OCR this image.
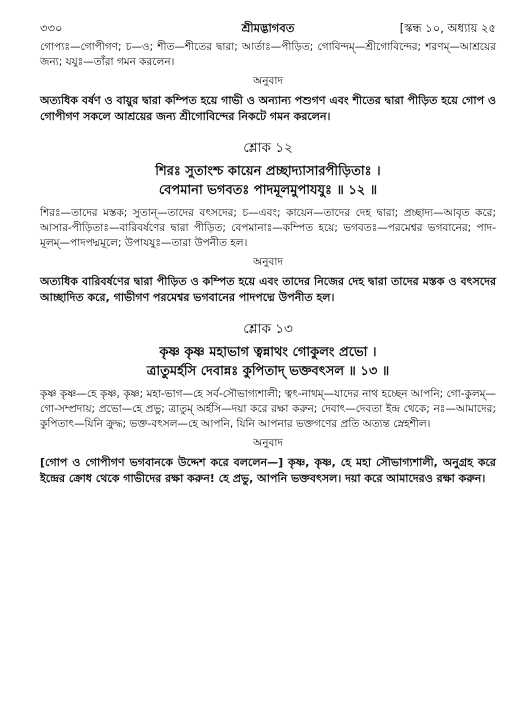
৩৩০	শ্রীমদ্ভাগবত	[স্কন্ধ ১০, অধ্যায় ২৫

গোপ্যঃ—গোপীগণ; চ—ও; শীত—শীতের দ্বারা; আর্তাঃ—পীড়িত; গোবিন্দম্—শ্রীগোবিন্দের; শরণম্—আশ্রয়ের জন্য; যযুঃ—তাঁরা গমন করলেন।

অনুবাদ

অত্যধিক বর্ষণ ও বায়ুর দ্বারা কম্পিত হয়ে গাভী ও অন্যান্য পশুগণ এবং শীতের দ্বারা পীড়িত হয়ে গোপ ও গোপীগণ সকলে আশ্রয়ের জন্য শ্রীগোবিন্দের নিকটে গমন করলেন।

শ্লোক ১২

শিরঃ সুতাংশ্চ কায়েন প্রচ্ছাদ্যাসারপীড়িতাঃ ।

বেপমানা ভগবতঃ পাদমূলমুপাযযুঃ ॥ ১২ ॥

শিরঃ—তাদের মস্তক; সুতান্—তাদের বৎসদের; চ—এবং; কায়েন—তাদের দেহ দ্বারা; প্রচ্ছাদ্য—আবৃত করে; আসার-পীড়িতাঃ—বারিবর্ষণের দ্বারা পীড়িত; বেপমানাঃ—কম্পিত হয়ে; ভগবতঃ—পরমেশ্বর ভগবানের; পাদ-মূলম্—পাদপদ্মমূলে; উপাযযুঃ—তারা উপনীত হল।

অনুবাদ

অত্যধিক বারিবর্ষণের দ্বারা পীড়িত ও কম্পিত হয়ে এবং তাদের নিজের দেহ দ্বারা তাদের মস্তক ও বৎসদের আচ্ছাদিত করে, গাভীগণ পরমেশ্বর ভগবানের পাদপদ্মে উপনীত হল।

শ্লোক ১৩

কৃষ্ণ কৃষ্ণ মহাভাগ ত্বন্নাথং গোকুলং প্রভো ।

ত্রাতুমর্হসি দেবান্নঃ কুপিতাদ্ ভক্তবৎসল ॥ ১৩ ॥

কৃষ্ণ কৃষ্ণ—হে কৃষ্ণ, কৃষ্ণ; মহা-ভাগ—হে সর্ব-সৌভাগ্যশালী; ত্বৎ-নাথম্—যাদের নাথ হচ্ছেন আপনি; গো-কুলম্—গো-সম্প্রদায়; প্রভো—হে প্রভু; ত্রাতুম্ অর্হসি—দয়া করে রক্ষা করুন; দেবাৎ—দেবতা ইন্দ্র থেকে; নঃ—আমাদের; কুপিতাৎ—যিনি ক্রুদ্ধ; ভক্ত-বৎসল—হে আপনি, যিনি আপনার ভক্তগণের প্রতি অত্যন্ত স্নেহশীল।

অনুবাদ

[গোপ ও গোপীগণ ভগবানকে উদ্দেশ করে বললেন—] কৃষ্ণ, কৃষ্ণ, হে মহা সৌভাগ্যশালী, অনুগ্রহ করে ইন্দ্রের ক্রোধ থেকে গাভীদের রক্ষা করুন! হে প্রভু, আপনি ভক্তবৎসল। দয়া করে আমাদেরও রক্ষা করুন।
